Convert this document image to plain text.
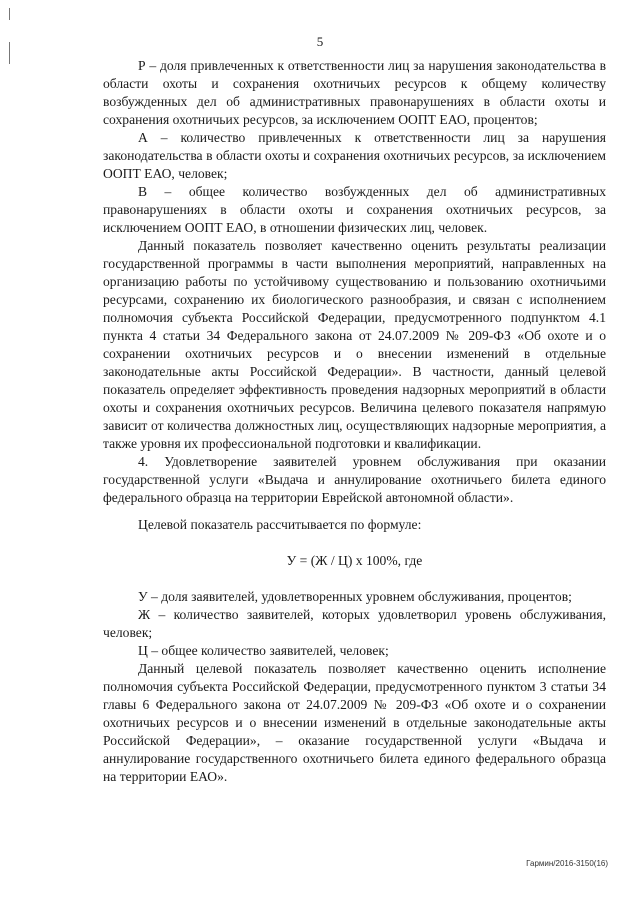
5

Р – доля привлеченных к ответственности лиц за нарушения законодательства в области охоты и сохранения охотничьих ресурсов к общему количеству возбужденных дел об административных правонарушениях в области охоты и сохранения охотничьих ресурсов, за исключением ООПТ ЕАО, процентов;

А – количество привлеченных к ответственности лиц за нарушения законодательства в области охоты и сохранения охотничьих ресурсов, за исключением ООПТ ЕАО, человек;

В – общее количество возбужденных дел об административных правонарушениях в области охоты и сохранения охотничьих ресурсов, за исключением ООПТ ЕАО, в отношении физических лиц, человек.

Данный показатель позволяет качественно оценить результаты реализации государственной программы в части выполнения мероприятий, направленных на организацию работы по устойчивому существованию и пользованию охотничьими ресурсами, сохранению их биологического разнообразия, и связан с исполнением полномочия субъекта Российской Федерации, предусмотренного подпунктом 4.1 пункта 4 статьи 34 Федерального закона от 24.07.2009 № 209-ФЗ «Об охоте и о сохранении охотничьих ресурсов и о внесении изменений в отдельные законодательные акты Российской Федерации». В частности, данный целевой показатель определяет эффективность проведения надзорных мероприятий в области охоты и сохранения охотничьих ресурсов. Величина целевого показателя напрямую зависит от количества должностных лиц, осуществляющих надзорные мероприятия, а также уровня их профессиональной подготовки и квалификации.

4. Удовлетворение заявителей уровнем обслуживания при оказании государственной услуги «Выдача и аннулирование охотничьего билета единого федерального образца на территории Еврейской автономной области».

Целевой показатель рассчитывается по формуле:

У = (Ж / Ц) х 100%, где

У – доля заявителей, удовлетворенных уровнем обслуживания, процентов;

Ж – количество заявителей, которых удовлетворил уровень обслуживания, человек;

Ц – общее количество заявителей, человек;

Данный целевой показатель позволяет качественно оценить исполнение полномочия субъекта Российской Федерации, предусмотренного пунктом 3 статьи 34 главы 6 Федерального закона от 24.07.2009 № 209-ФЗ «Об охоте и о сохранении охотничьих ресурсов и о внесении изменений в отдельные законодательные акты Российской Федерации», – оказание государственной услуги «Выдача и аннулирование государственного охотничьего билета единого федерального образца на территории ЕАО».

Гармин/2016-3150(16)
